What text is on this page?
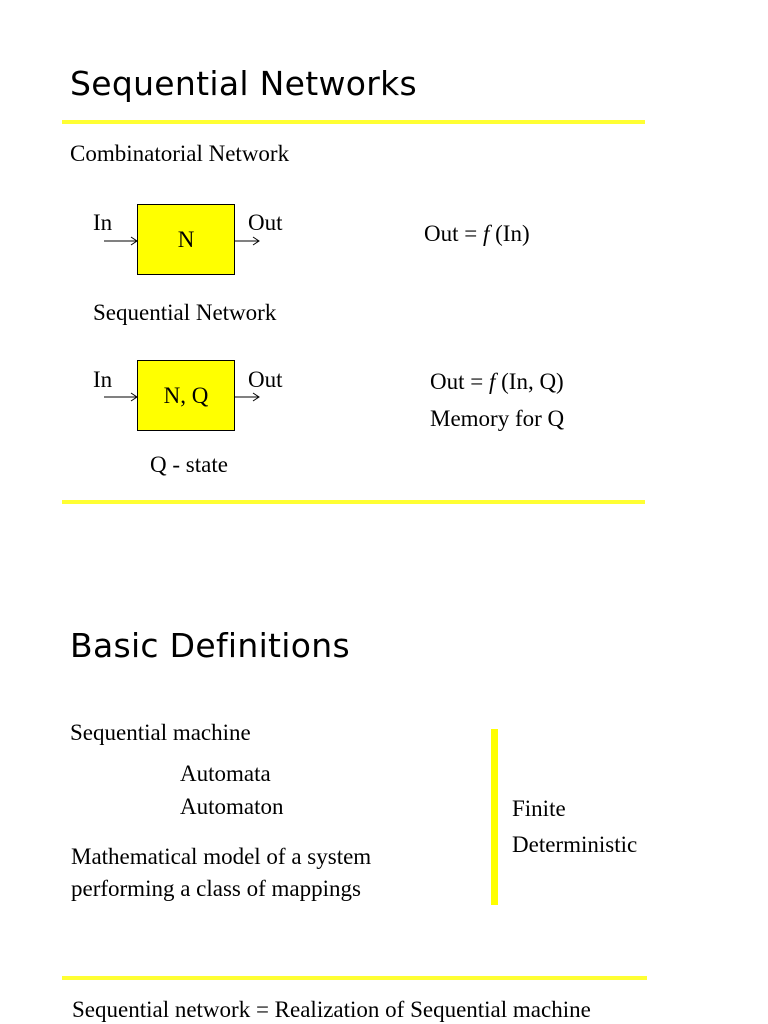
Sequential Networks
Combinatorial Network
In
N
Out	Out = f (In)
Sequential Network
In
N, Q
Out	Out = f (In, Q)
Memory for Q
Q - state
Basic Definitions
Sequential machine
Automata
Automaton	Finite
Deterministic
Mathematical model of a system
performing a class of mappings
Sequential network = Realization of Sequential machine
